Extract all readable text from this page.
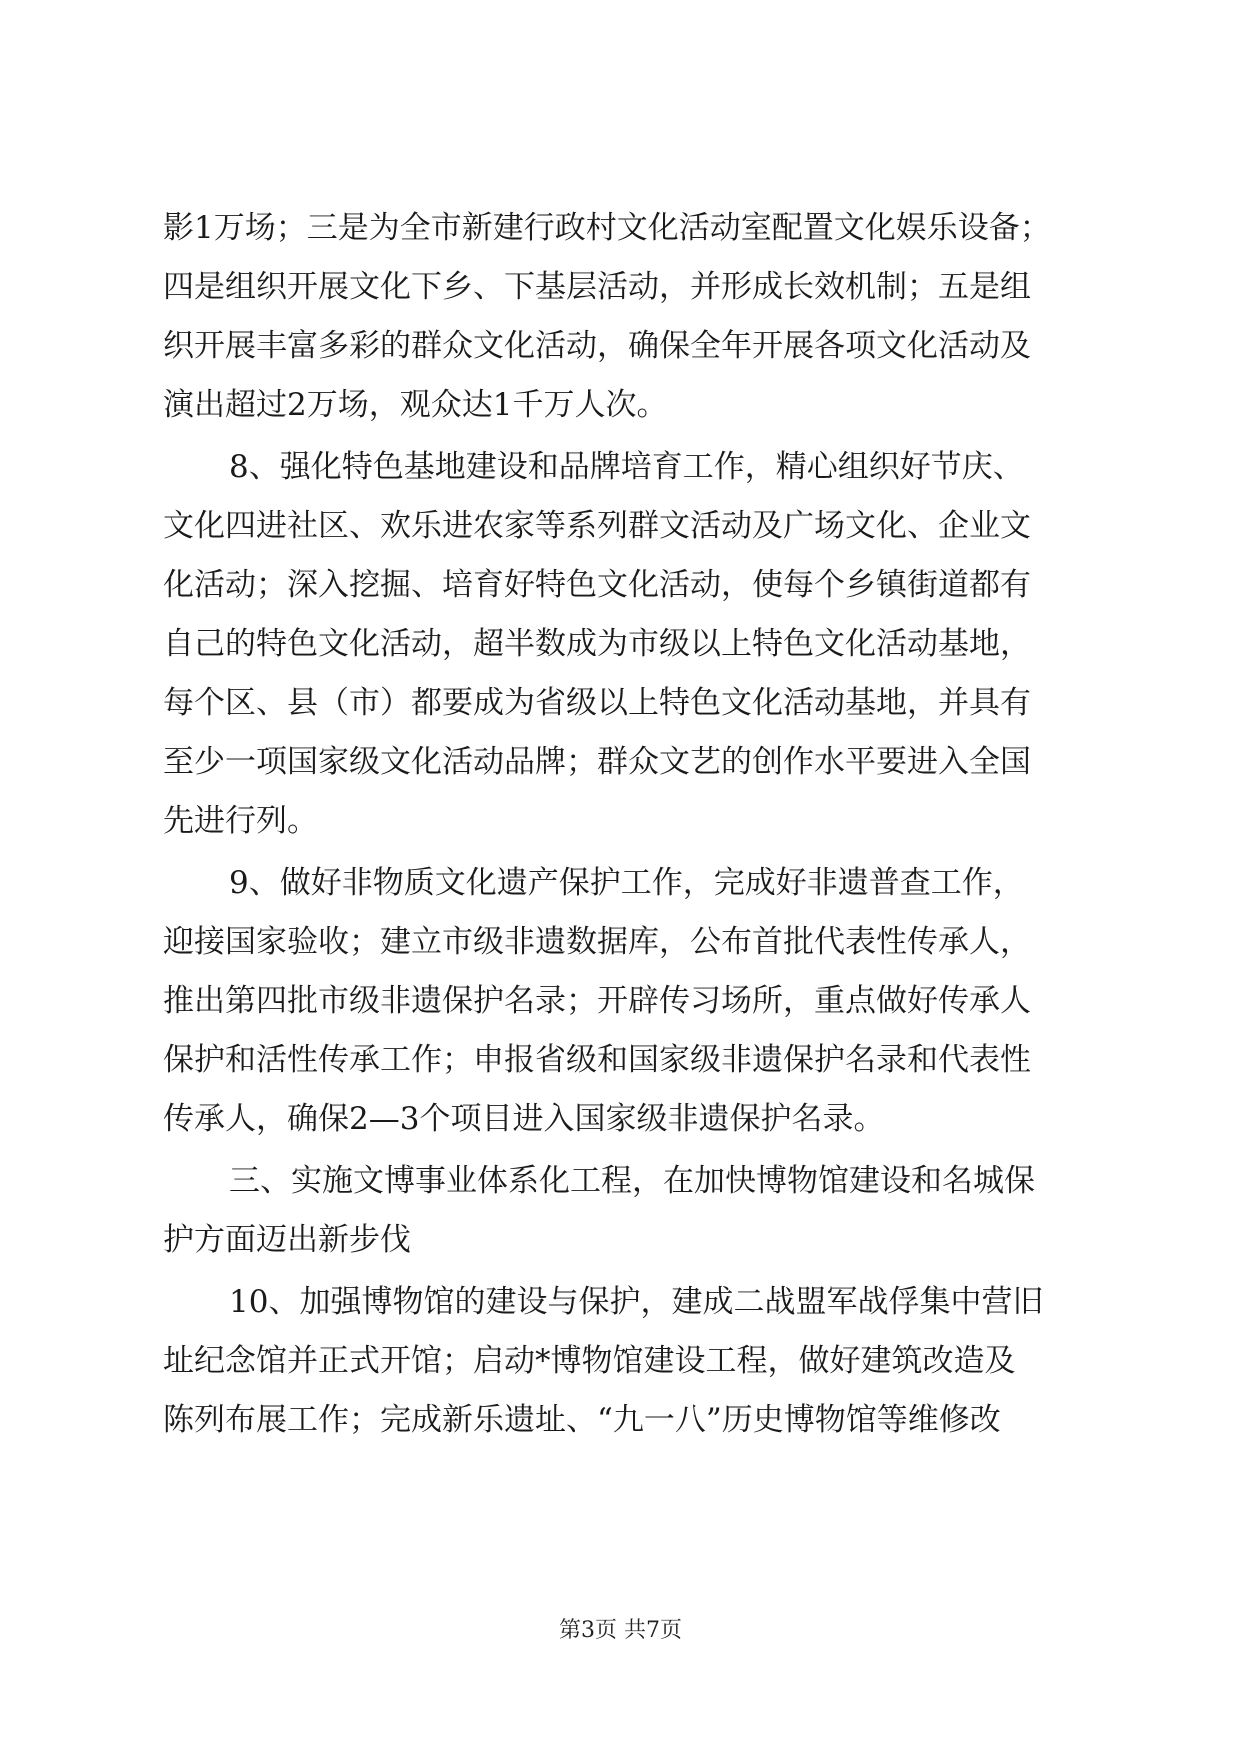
影1万场；三是为全市新建行政村文化活动室配置文化娱乐设备；
四是组织开展文化下乡、下基层活动，并形成长效机制；五是组
织开展丰富多彩的群众文化活动，确保全年开展各项文化活动及
演出超过2万场，观众达1千万人次。
8、强化特色基地建设和品牌培育工作，精心组织好节庆、
文化四进社区、欢乐进农家等系列群文活动及广场文化、企业文
化活动；深入挖掘、培育好特色文化活动，使每个乡镇街道都有
自己的特色文化活动，超半数成为市级以上特色文化活动基地，
每个区、县（市）都要成为省级以上特色文化活动基地，并具有
至少一项国家级文化活动品牌；群众文艺的创作水平要进入全国
先进行列。
9、做好非物质文化遗产保护工作，完成好非遗普查工作，
迎接国家验收；建立市级非遗数据库，公布首批代表性传承人，
推出第四批市级非遗保护名录；开辟传习场所，重点做好传承人
保护和活性传承工作；申报省级和国家级非遗保护名录和代表性
传承人，确保2—3个项目进入国家级非遗保护名录。
三、实施文博事业体系化工程，在加快博物馆建设和名城保
护方面迈出新步伐
10、加强博物馆的建设与保护，建成二战盟军战俘集中营旧
址纪念馆并正式开馆；启动*博物馆建设工程，做好建筑改造及
陈列布展工作；完成新乐遗址、“九一八”历史博物馆等维修改
第3页 共7页
